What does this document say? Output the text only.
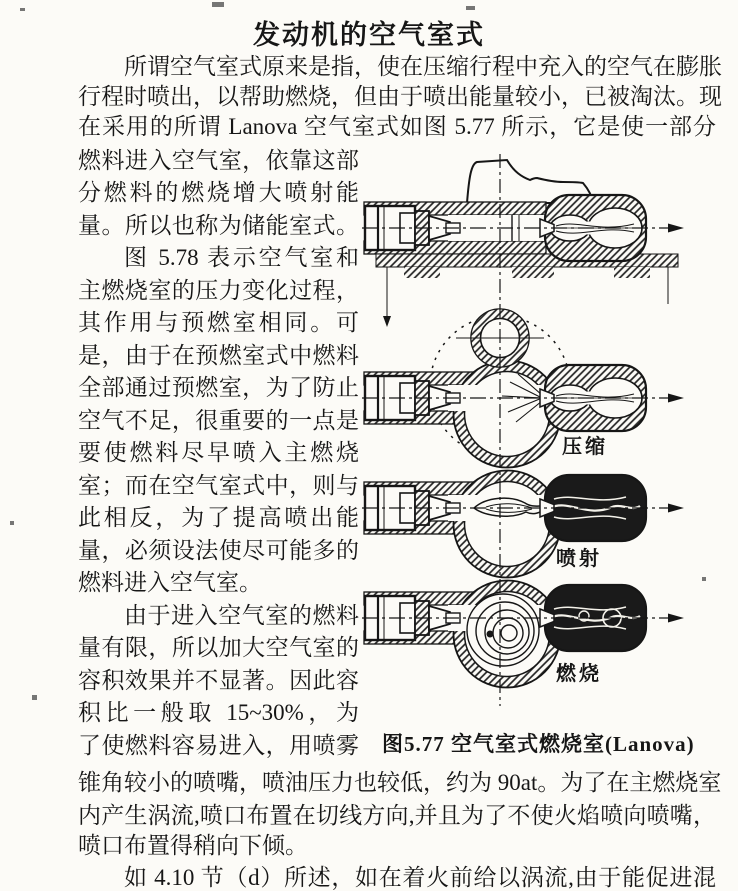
发动机的空气室式
所谓空气室式原来是指，使在压缩行程中充入的空气在膨胀
行程时喷出，以帮助燃烧，但由于喷出能量较小，已被淘汰。现
在采用的所谓 Lanova 空气室式如图 5.77 所示，它是使一部分
燃料进入空气室，依靠这部
分燃料的燃烧增大喷射能
量。所以也称为储能室式。
图 5.78 表示空气室和
主燃烧室的压力变化过程，
其作用与预燃室相同。可
是，由于在预燃室式中燃料
全部通过预燃室，为了防止
空气不足，很重要的一点是
要使燃料尽早喷入主燃烧
室；而在空气室式中，则与
此相反，为了提高喷出能
量，必须设法使尽可能多的
燃料进入空气室。
由于进入空气室的燃料
量有限，所以加大空气室的
容积效果并不显著。因此容
积比一般取 15~30%，为
了使燃料容易进入，用喷雾
锥角较小的喷嘴，喷油压力也较低，约为 90at。为了在主燃烧室
内产生涡流,喷口布置在切线方向,并且为了不使火焰喷向喷嘴，
喷口布置得稍向下倾。
如 4.10 节（d）所述，如在着火前给以涡流,由于能促进混
压缩
喷射
燃烧
图5.77 空气室式燃烧室(Lanova)
